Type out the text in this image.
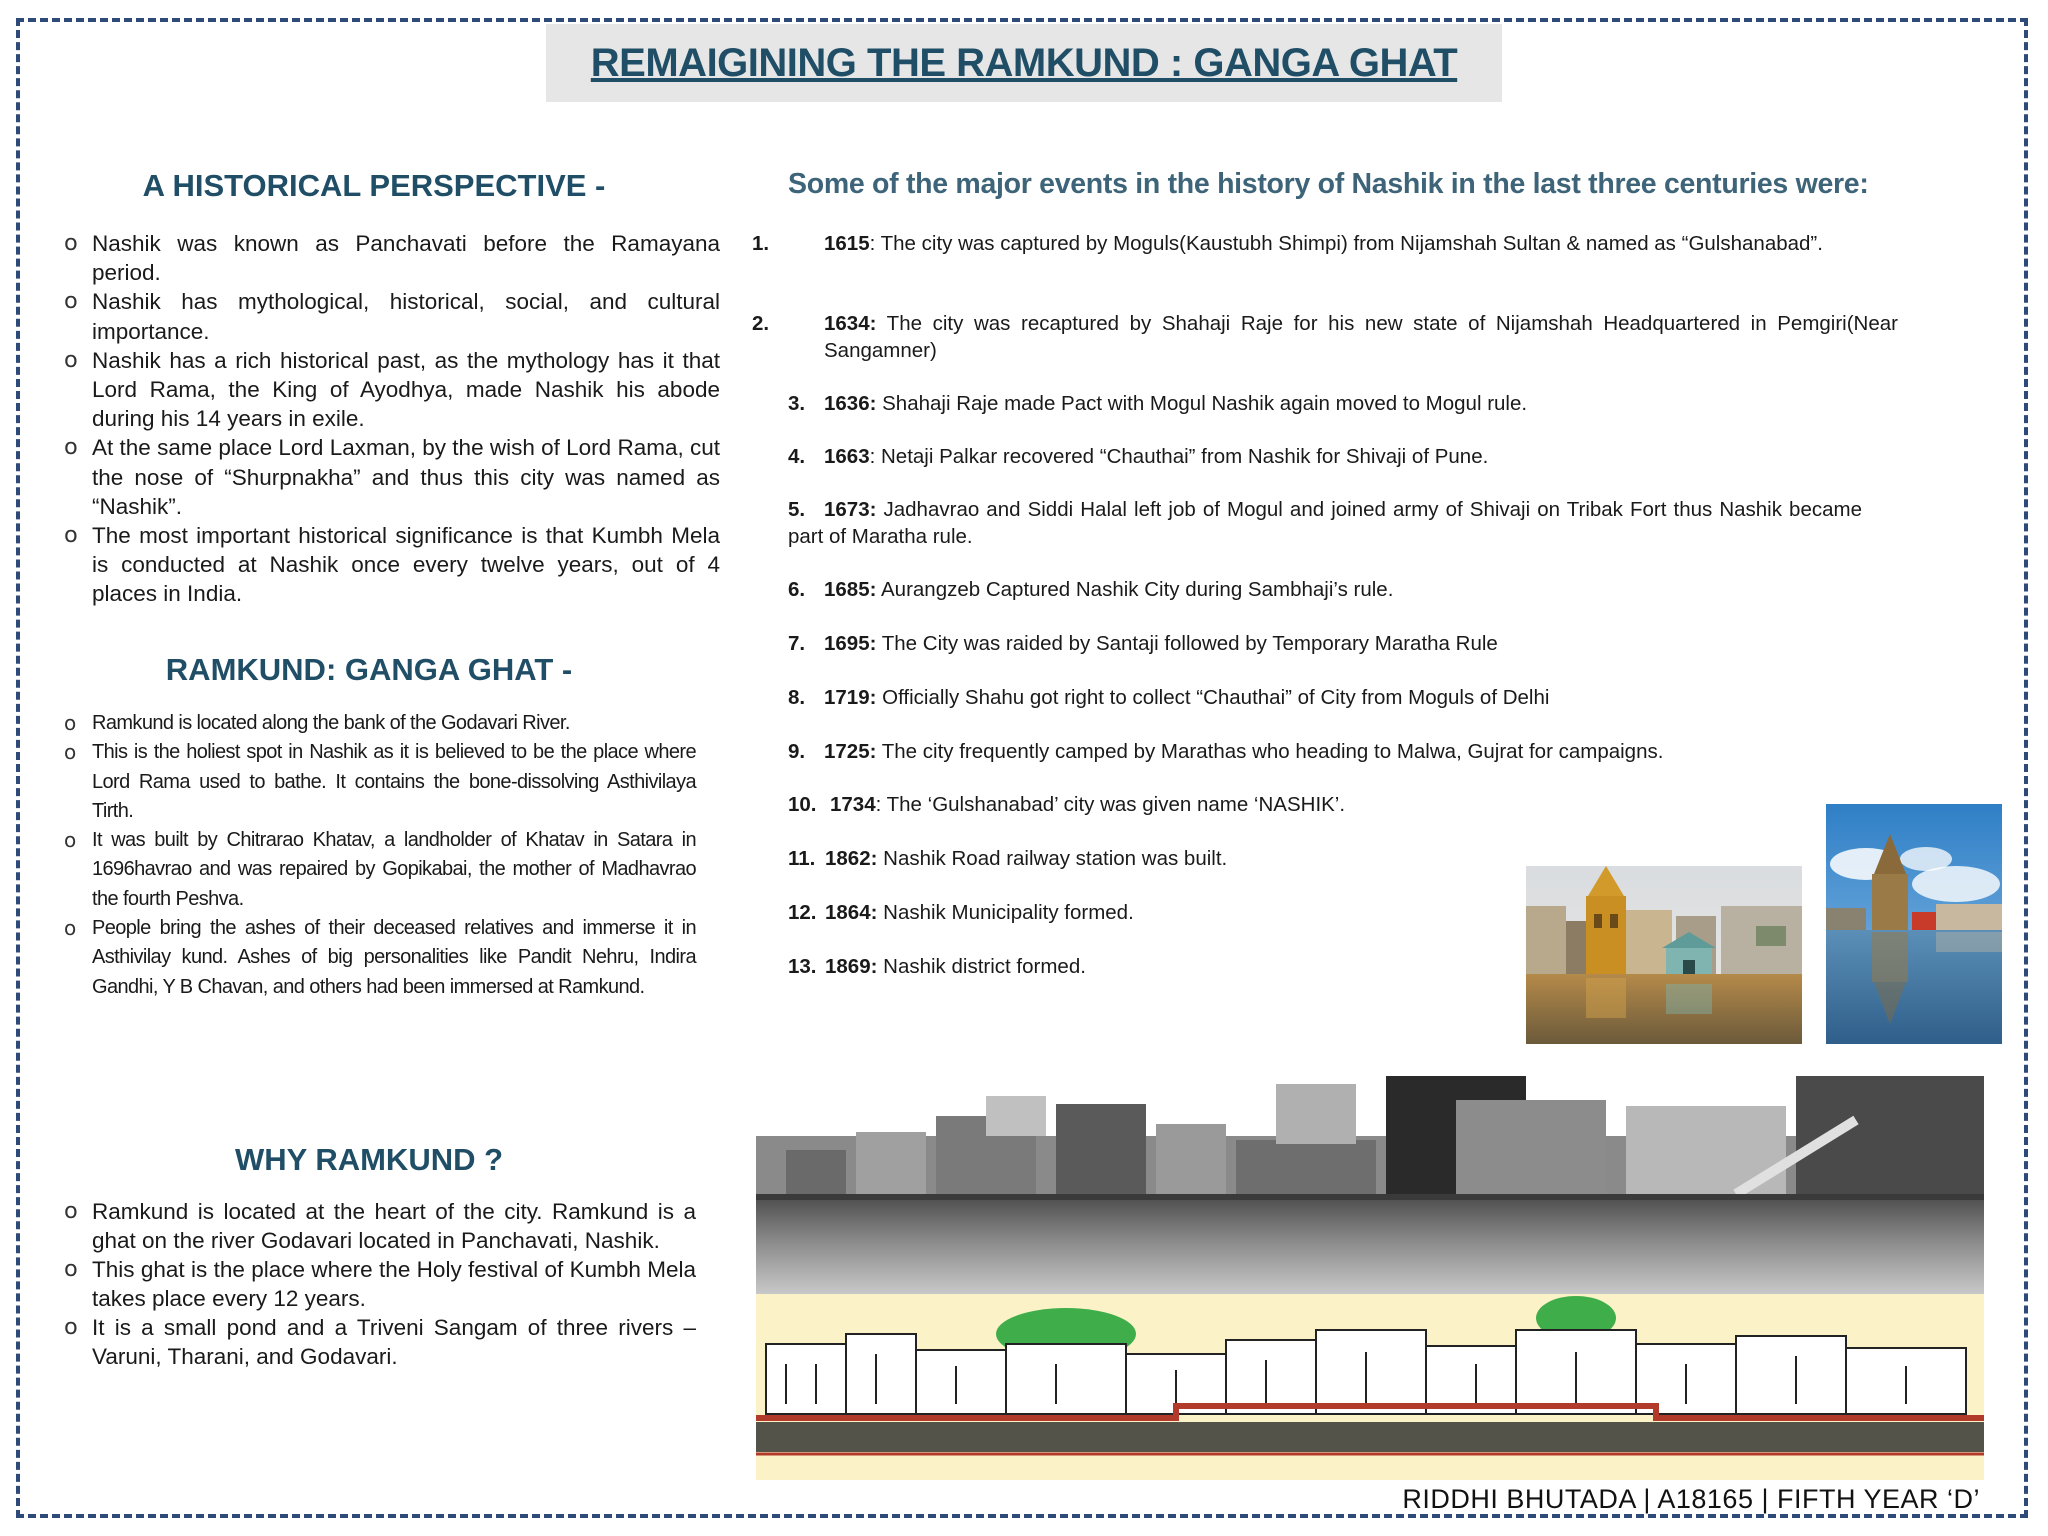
REMAIGINING THE RAMKUND : GANGA GHAT
A HISTORICAL PERSPECTIVE -
o Nashik was known as Panchavati before the Ramayana period.
o Nashik has mythological, historical, social, and cultural importance.
o Nashik has a rich historical past, as the mythology has it that Lord Rama, the King of Ayodhya, made Nashik his abode during his 14 years in exile.
o At the same place Lord Laxman, by the wish of Lord Rama, cut the nose of “Shurpnakha” and thus this city was named as “Nashik”.
o The most important historical significance is that Kumbh Mela is conducted at Nashik once every twelve years, out of 4 places in India.
RAMKUND: GANGA GHAT -
o Ramkund is located along the bank of the Godavari River.
o This is the holiest spot in Nashik as it is believed to be the place where Lord Rama used to bathe. It contains the bone-dissolving Asthivilaya Tirth.
o It was built by Chitrarao Khatav, a landholder of Khatav in Satara in 1696havrao and was repaired by Gopikabai, the mother of Madhavrao the fourth Peshva.
o People bring the ashes of their deceased relatives and immerse it in Asthivilay kund. Ashes of big personalities like Pandit Nehru, Indira Gandhi, Y B Chavan, and others had been immersed at Ramkund.
WHY RAMKUND ?
o Ramkund is located at the heart of the city. Ramkund is a ghat on the river Godavari located in Panchavati, Nashik.
o This ghat is the place where the Holy festival of Kumbh Mela takes place every 12 years.
o It is a small pond and a Triveni Sangam of three rivers – Varuni, Tharani, and Godavari.
Some of the major events in the history of Nashik in the last three centuries were:
1.	1615: The city was captured by Moguls(Kaustubh Shimpi) from Nijamshah Sultan & named as “Gulshanabad”.
2.	1634: The city was recaptured by Shahaji Raje for his new state of Nijamshah Headquartered in Pemgiri(Near Sangamner)
3. 1636: Shahaji Raje made Pact with Mogul Nashik again moved to Mogul rule.
4. 1663: Netaji Palkar recovered “Chauthai” from Nashik for Shivaji of Pune.
5. 1673: Jadhavrao and Siddi Halal left job of Mogul and joined army of Shivaji on Tribak Fort thus Nashik became part of Maratha rule.
6. 1685: Aurangzeb Captured Nashik City during Sambhaji’s rule.
7. 1695: The City was raided by Santaji followed by Temporary Maratha Rule
8. 1719: Officially Shahu got right to collect “Chauthai” of City from Moguls of Delhi
9. 1725: The city frequently camped by Marathas who heading to Malwa, Gujrat for campaigns.
10. 1734: The ‘Gulshanabad’ city was given name ‘NASHIK’.
11. 1862: Nashik Road railway station was built.
12. 1864: Nashik Municipality formed.
13. 1869: Nashik district formed.
RIDDHI BHUTADA | A18165 | FIFTH YEAR ‘D’
